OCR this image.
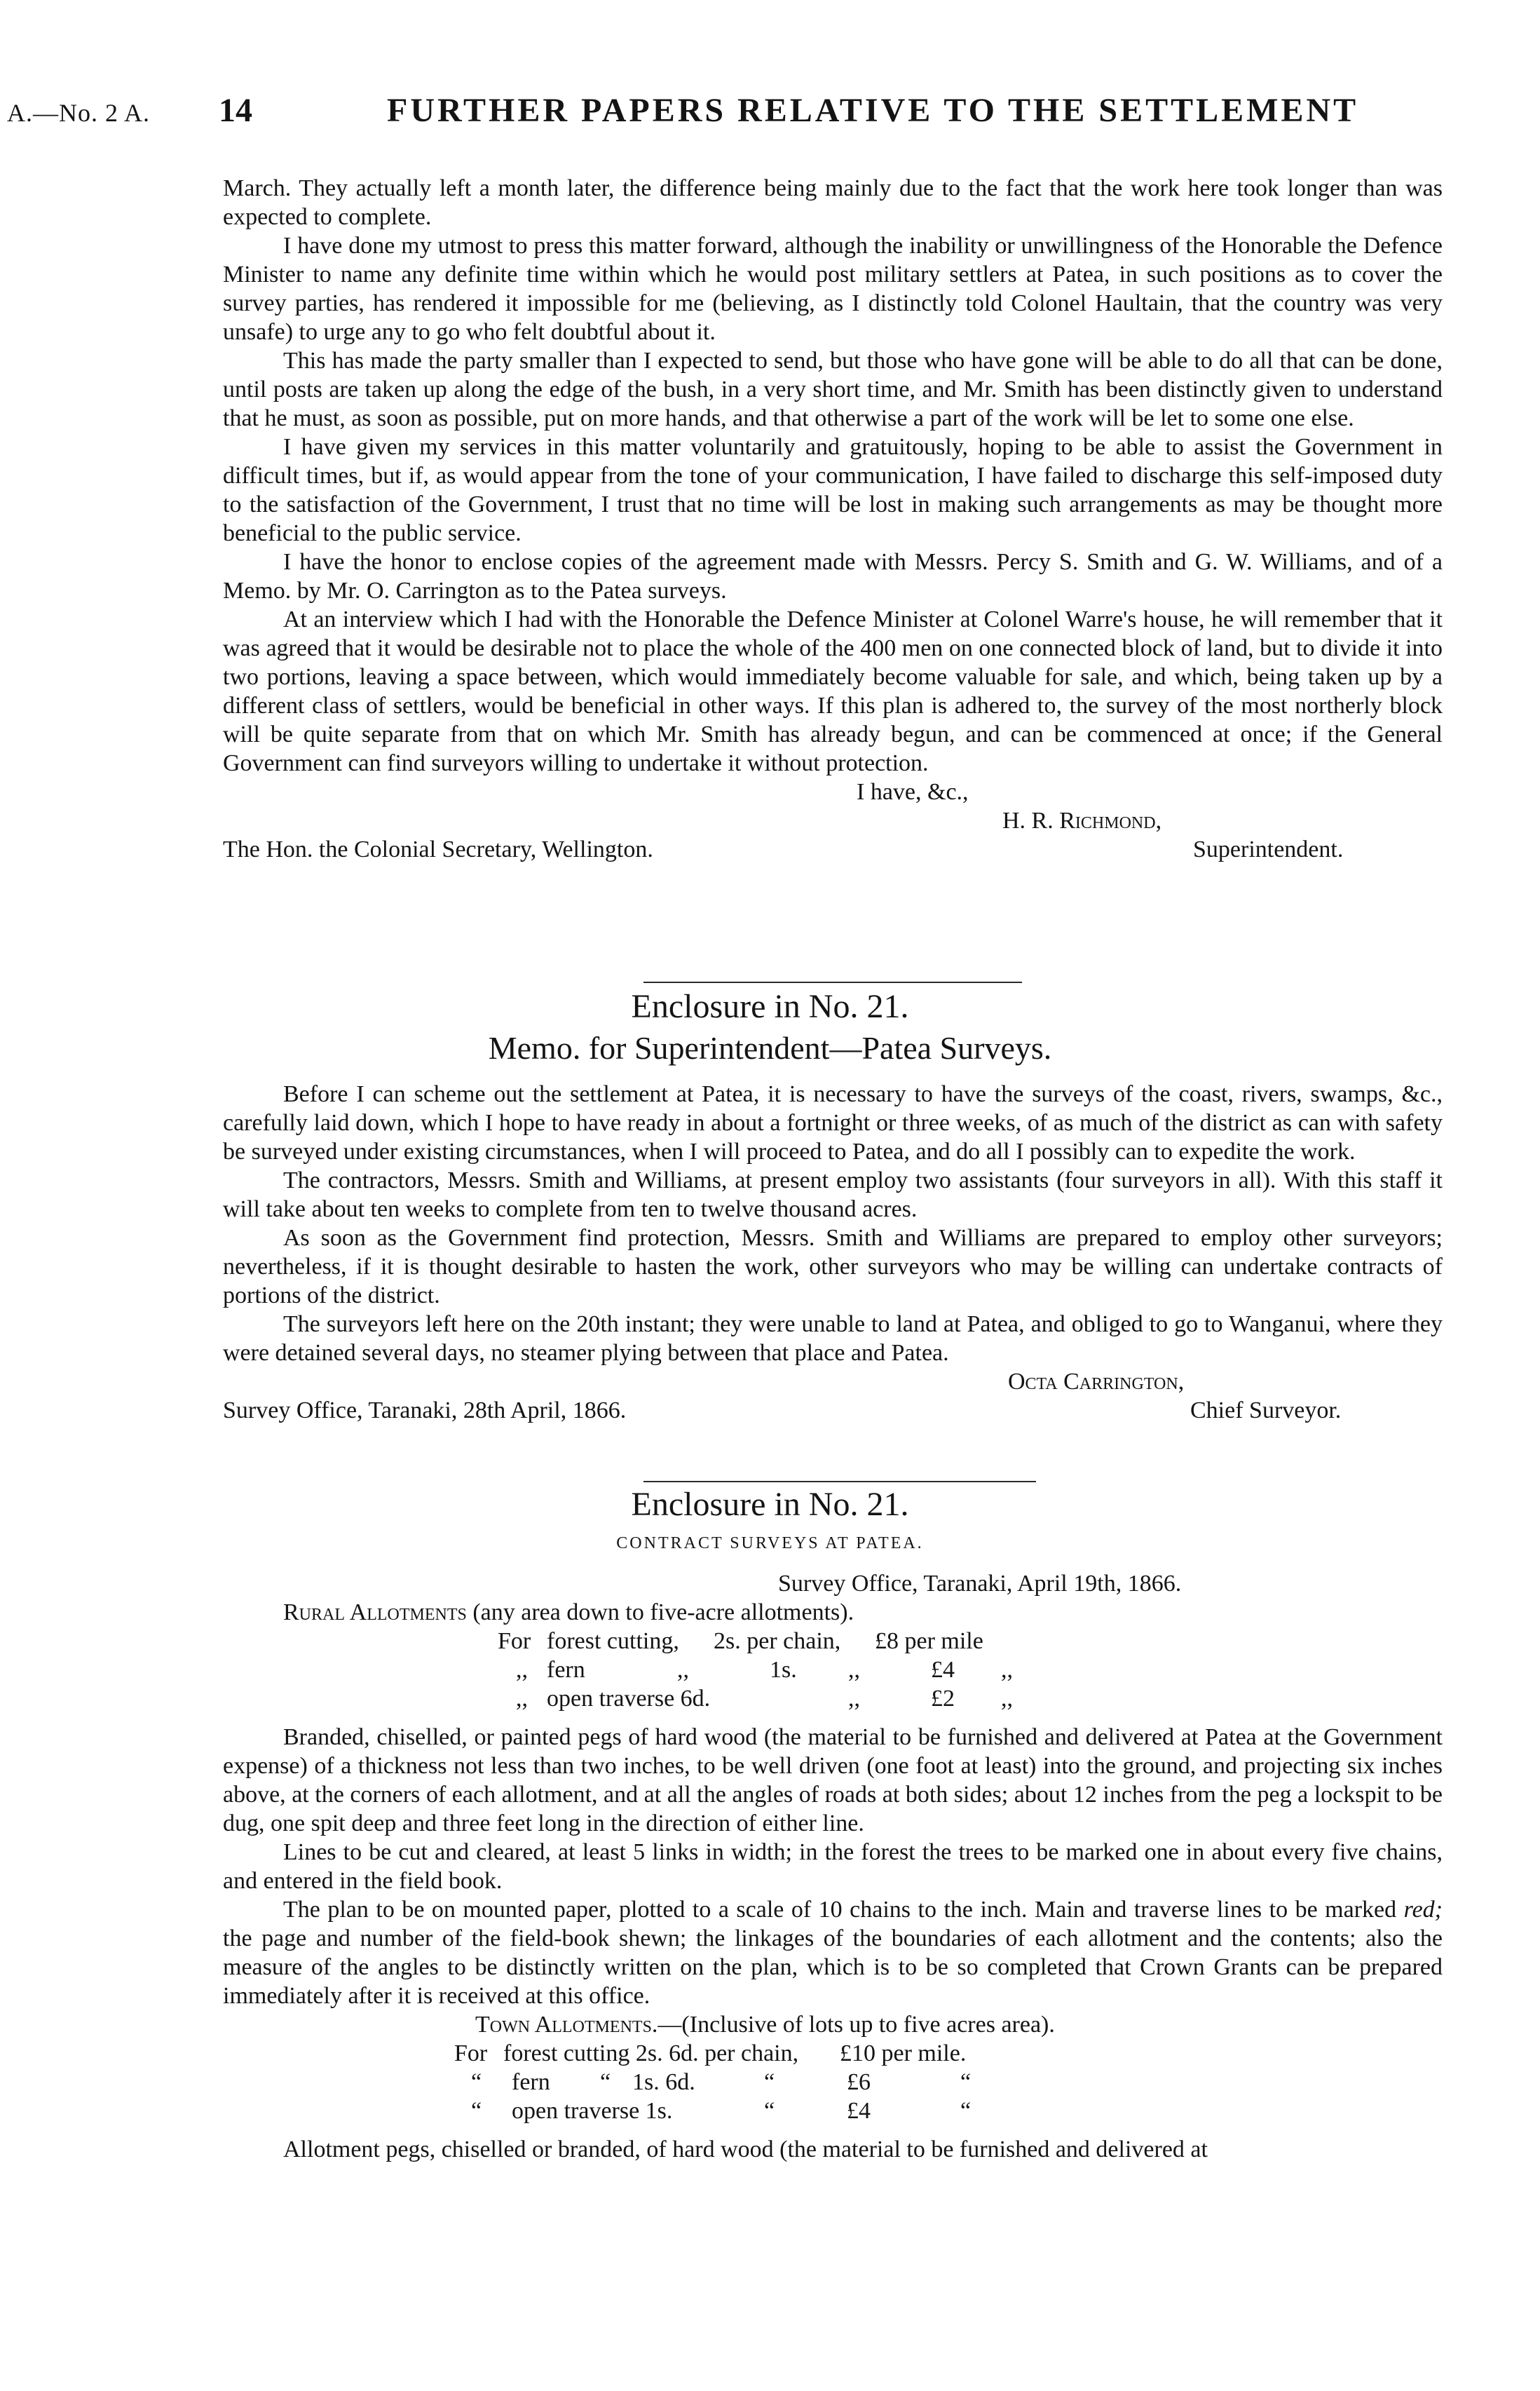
A.—No. 2 A. 14	FURTHER PAPERS RELATIVE TO THE SETTLEMENT

March. They actually left a month later, the difference being mainly due to the fact that the work here took longer than was expected to complete.

I have done my utmost to press this matter forward, although the inability or unwillingness of the Honorable the Defence Minister to name any definite time within which he would post military settlers at Patea, in such positions as to cover the survey parties, has rendered it impossible for me (believing, as I distinctly told Colonel Haultain, that the country was very unsafe) to urge any to go who felt doubtful about it.

This has made the party smaller than I expected to send, but those who have gone will be able to do all that can be done, until posts are taken up along the edge of the bush, in a very short time, and Mr. Smith has been distinctly given to understand that he must, as soon as possible, put on more hands, and that otherwise a part of the work will be let to some one else.

I have given my services in this matter voluntarily and gratuitously, hoping to be able to assist the Government in difficult times, but if, as would appear from the tone of your communication, I have failed to discharge this self-imposed duty to the satisfaction of the Government, I trust that no time will be lost in making such arrangements as may be thought more beneficial to the public service.

I have the honor to enclose copies of the agreement made with Messrs. Percy S. Smith and G. W. Williams, and of a Memo. by Mr. O. Carrington as to the Patea surveys.

At an interview which I had with the Honorable the Defence Minister at Colonel Warre's house, he will remember that it was agreed that it would be desirable not to place the whole of the 400 men on one connected block of land, but to divide it into two portions, leaving a space between, which would immediately become valuable for sale, and which, being taken up by a different class of settlers, would be beneficial in other ways. If this plan is adhered to, the survey of the most northerly block will be quite separate from that on which Mr. Smith has already begun, and can be commenced at once; if the General Government can find surveyors willing to undertake it without protection.

I have, &c.,
H. R. Richmond,
The Hon. the Colonial Secretary, Wellington.	Superintendent.
Enclosure in No. 21.
Memo. for Superintendent—Patea Surveys.

Before I can scheme out the settlement at Patea, it is necessary to have the surveys of the coast, rivers, swamps, &c., carefully laid down, which I hope to have ready in about a fortnight or three weeks, of as much of the district as can with safety be surveyed under existing circumstances, when I will proceed to Patea, and do all I possibly can to expedite the work.

The contractors, Messrs. Smith and Williams, at present employ two assistants (four surveyors in all). With this staff it will take about ten weeks to complete from ten to twelve thousand acres.

As soon as the Government find protection, Messrs. Smith and Williams are prepared to employ other surveyors; nevertheless, if it is thought desirable to hasten the work, other surveyors who may be willing can undertake contracts of portions of the district.

The surveyors left here on the 20th instant; they were unable to land at Patea, and obliged to go to Wanganui, where they were detained several days, no steamer plying between that place and Patea.

Octa Carrington,
Survey Office, Taranaki, 28th April, 1866.	Chief Surveyor.
Enclosure in No. 21.
CONTRACT SURVEYS AT PATEA.
Survey Office, Taranaki, April 19th, 1866.
Rural Allotments (any area down to five-acre allotments).
For forest cutting, 2s. per chain, £8 per mile
,, fern	,,	1s. ,,	£4 ,,
,, open traverse 6d.	,,	£2 ,,

Branded, chiselled, or painted pegs of hard wood (the material to be furnished and delivered at Patea at the Government expense) of a thickness not less than two inches, to be well driven (one foot at least) into the ground, and projecting six inches above, at the corners of each allotment, and at all the angles of roads at both sides; about 12 inches from the peg a lockspit to be dug, one spit deep and three feet long in the direction of either line.

Lines to be cut and cleared, at least 5 links in width; in the forest the trees to be marked one in about every five chains, and entered in the field book.

The plan to be on mounted paper, plotted to a scale of 10 chains to the inch. Main and traverse lines to be marked red; the page and number of the field-book shewn; the linkages of the boundaries of each allotment and the contents; also the measure of the angles to be distinctly written on the plan, which is to be so completed that Crown Grants can be prepared immediately after it is received at this office.

Town Allotments.—(Inclusive of lots up to five acres area).
For forest cutting 2s. 6d. per chain, £10 per mile.
“ fern “ 1s. 6d.	“	£6	“
“ open traverse 1s.	“	£4	“

Allotment pegs, chiselled or branded, of hard wood (the material to be furnished and delivered at
